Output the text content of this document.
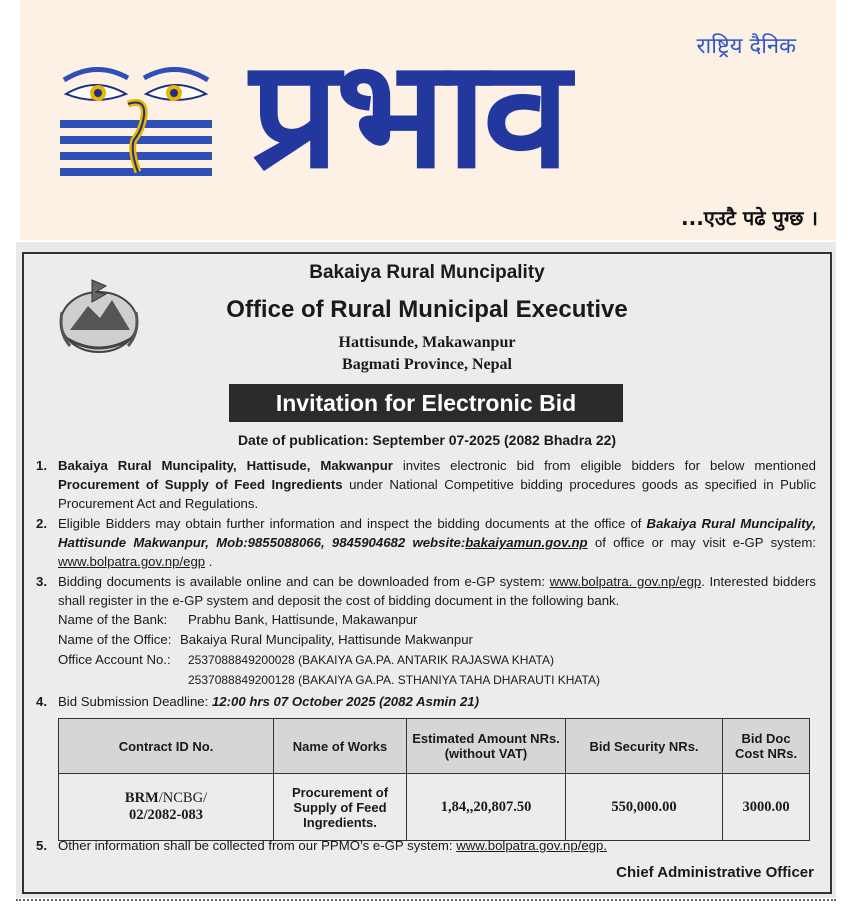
प्रभाव	राष्ट्रिय दैनिक
...एउटै पढे पुग्छ ।
Bakaiya Rural Muncipality
Office of Rural Municipal Executive
Hattisunde, Makawanpur
Bagmati Province, Nepal
Invitation for Electronic Bid
Date of publication: September 07-2025 (2082 Bhadra 22)
1. Bakaiya Rural Muncipality, Hattisude, Makwanpur invites electronic bid from eligible bidders for below mentioned Procurement of Supply of Feed Ingredients under National Competitive bidding procedures goods as specified in Public Procurement Act and Regulations.
2. Eligible Bidders may obtain further information and inspect the bidding documents at the office of Bakaiya Rural Muncipality, Hattisunde Makwanpur, Mob:9855088066, 9845904682 website:bakaiyamun.gov.np of office or may visit e-GP system: www.bolpatra.gov.np/egp .
3. Bidding documents is available online and can be downloaded from e-GP system: www.bolpatra. gov.np/egp. Interested bidders shall register in the e-GP system and deposit the cost of bidding document in the following bank.
Name of the Bank: Prabhu Bank, Hattisunde, Makawanpur
Name of the Office: Bakaiya Rural Muncipality, Hattisunde Makwanpur
Office Account No.: 2537088849200028 (BAKAIYA GA.PA. ANTARIK RAJASWA KHATA)
2537088849200128 (BAKAIYA GA.PA. STHANIYA TAHA DHARAUTI KHATA)
4. Bid Submission Deadline: 12:00 hrs 07 October 2025 (2082 Asmin 21)
Contract ID No.	Name of Works	Estimated Amount NRs. (without VAT)	Bid Security NRs.	Bid Doc Cost NRs.
BRM/NCBG/
02/2082-083	Procurement of Supply of Feed Ingredients.	1,84,,20,807.50	550,000.00	3000.00
5. Other information shall be collected from our PPMO’s e-GP system: www.bolpatra.gov.np/egp.
Chief Administrative Officer
